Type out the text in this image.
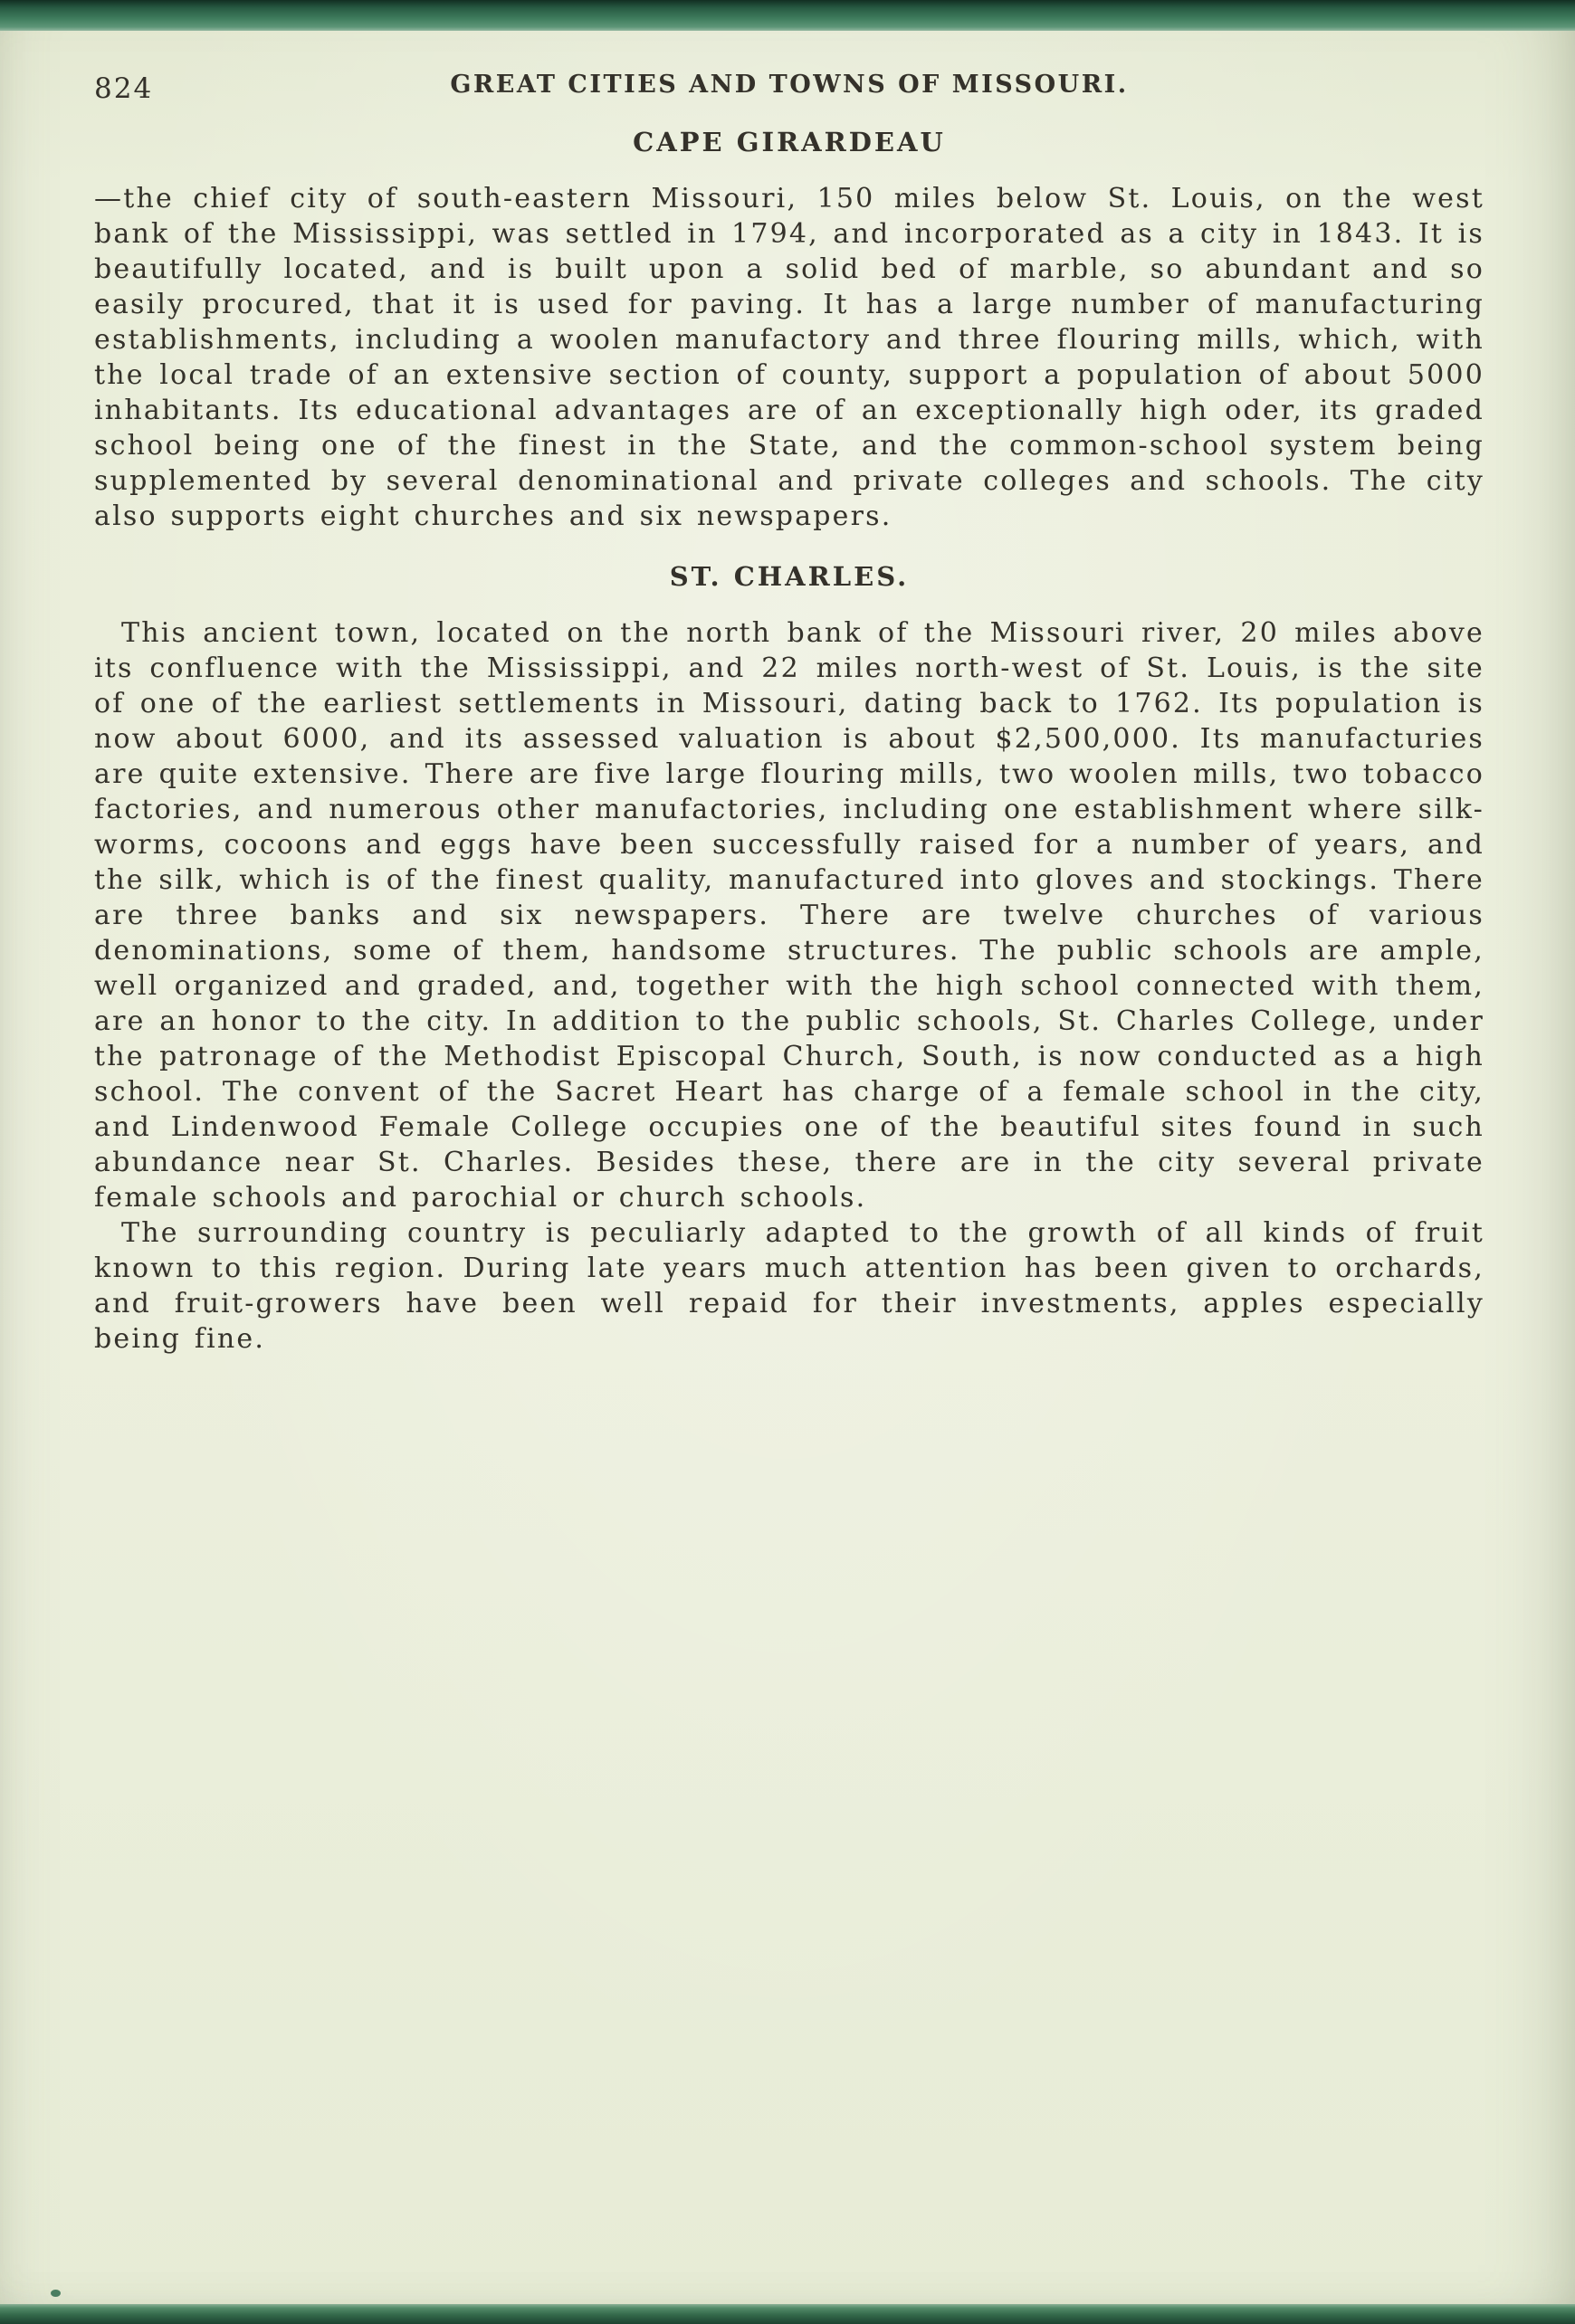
824	GREAT CITIES AND TOWNS OF MISSOURI.
CAPE GIRARDEAU

—the chief city of south-eastern Missouri, 150 miles below St. Louis, on the west bank of the Mississippi, was settled in 1794, and incorporated as a city in 1843. It is beautifully located, and is built upon a solid bed of marble, so abundant and so easily procured, that it is used for paving. It has a large number of manufacturing establishments, including a woolen manufactory and three flouring mills, which, with the local trade of an extensive section of county, support a population of about 5000 inhabitants. Its educational advantages are of an exceptionally high oder, its graded school being one of the finest in the State, and the common-school system being supplemented by several denominational and private colleges and schools. The city also supports eight churches and six newspapers.

ST. CHARLES.

This ancient town, located on the north bank of the Missouri river, 20 miles above its confluence with the Mississippi, and 22 miles north-west of St. Louis, is the site of one of the earliest settlements in Missouri, dating back to 1762. Its population is now about 6000, and its assessed valuation is about $2,500,000. Its manufacturies are quite extensive. There are five large flouring mills, two woolen mills, two tobacco factories, and numerous other manufactories, including one establishment where silk-worms, cocoons and eggs have been successfully raised for a number of years, and the silk, which is of the finest quality, manufactured into gloves and stockings. There are three banks and six newspapers. There are twelve churches of various denominations, some of them, handsome structures. The public schools are ample, well organized and graded, and, together with the high school connected with them, are an honor to the city. In addition to the public schools, St. Charles College, under the patronage of the Methodist Episcopal Church, South, is now conducted as a high school. The convent of the Sacret Heart has charge of a female school in the city, and Lindenwood Female College occupies one of the beautiful sites found in such abundance near St. Charles. Besides these, there are in the city several private female schools and parochial or church schools.

The surrounding country is peculiarly adapted to the growth of all kinds of fruit known to this region. During late years much attention has been given to orchards, and fruit-growers have been well repaid for their investments, apples especially being fine.
